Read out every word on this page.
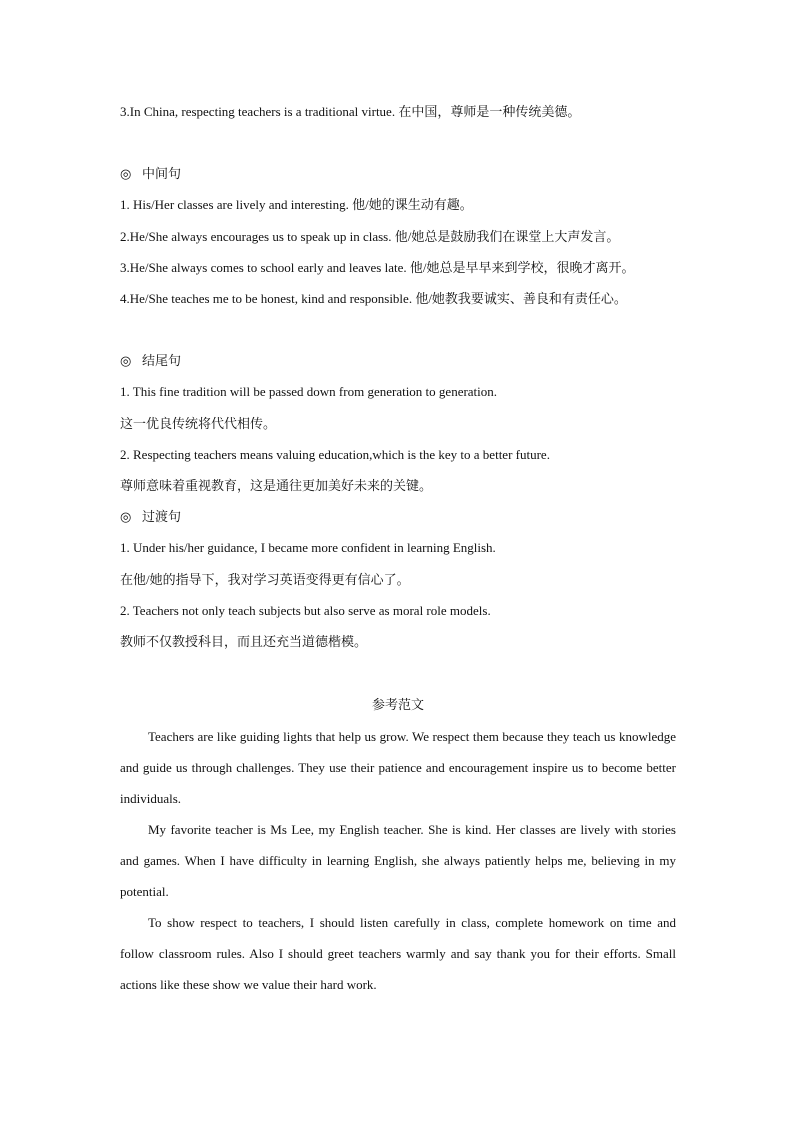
3.In China, respecting teachers is a traditional virtue. 在中国，尊师是一种传统美德。
◎ 中间句
1. His/Her classes are lively and interesting. 他/她的课生动有趣。
2.He/She always encourages us to speak up in class. 他/她总是鼓励我们在课堂上大声发言。
3.He/She always comes to school early and leaves late. 他/她总是早早来到学校，很晚才离开。
4.He/She teaches me to be honest, kind and responsible. 他/她教我要诚实、善良和有责任心。
◎ 结尾句
1. This fine tradition will be passed down from generation to generation.
这一优良传统将代代相传。
2. Respecting teachers means valuing education,which is the key to a better future.
尊师意味着重视教育，这是通往更加美好未来的关键。
◎ 过渡句
1. Under his/her guidance, I became more confident in learning English.
在他/她的指导下，我对学习英语变得更有信心了。
2. Teachers not only teach subjects but also serve as moral role models.
教师不仅教授科目，而且还充当道德楷模。
参考范文

Teachers are like guiding lights that help us grow. We respect them because they teach us knowledge and guide us through challenges. They use their patience and encouragement inspire us to become better individuals.

My favorite teacher is Ms Lee, my English teacher. She is kind. Her classes are lively with stories and games. When I have difficulty in learning English, she always patiently helps me, believing in my potential.

To show respect to teachers, I should listen carefully in class, complete homework on time and follow classroom rules. Also I should greet teachers warmly and say thank you for their efforts. Small actions like these show we value their hard work.
